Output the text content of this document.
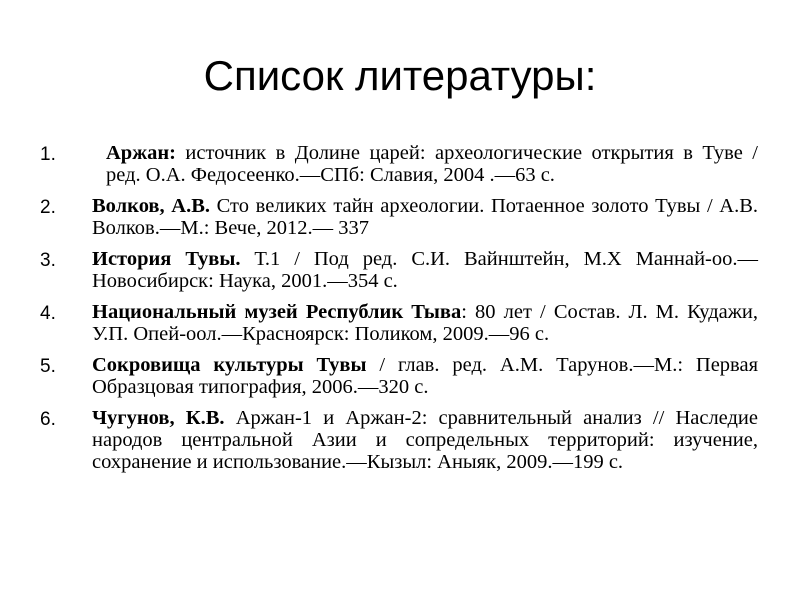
Список литературы:
1.	Аржан: источник в Долине царей: археологические открытия в Туве / ред. О.А. Федосеенко.—СПб: Славия, 2004 .—63 с.
2.	Волков, А.В. Сто великих тайн археологии. Потаенное золото Тувы / А.В. Волков.—М.: Вече, 2012.— 337
3.	История Тувы. Т.1 / Под ред. С.И. Вайнштейн, М.Х Маннай-оо.—Новосибирск: Наука, 2001.—354 с.
4.	Национальный музей Республик Тыва: 80 лет / Состав. Л. М. Кудажи, У.П. Опей-оол.—Красноярск: Поликом, 2009.—96 с.
5.	Сокровища культуры Тувы / глав. ред. А.М. Тарунов.—М.: Первая Образцовая типография, 2006.—320 с.
6.	Чугунов, К.В. Аржан-1 и Аржан-2: сравнительный анализ // Наследие народов центральной Азии и сопредельных территорий: изучение, сохранение и использование.—Кызыл: Аныяк, 2009.—199 с.
